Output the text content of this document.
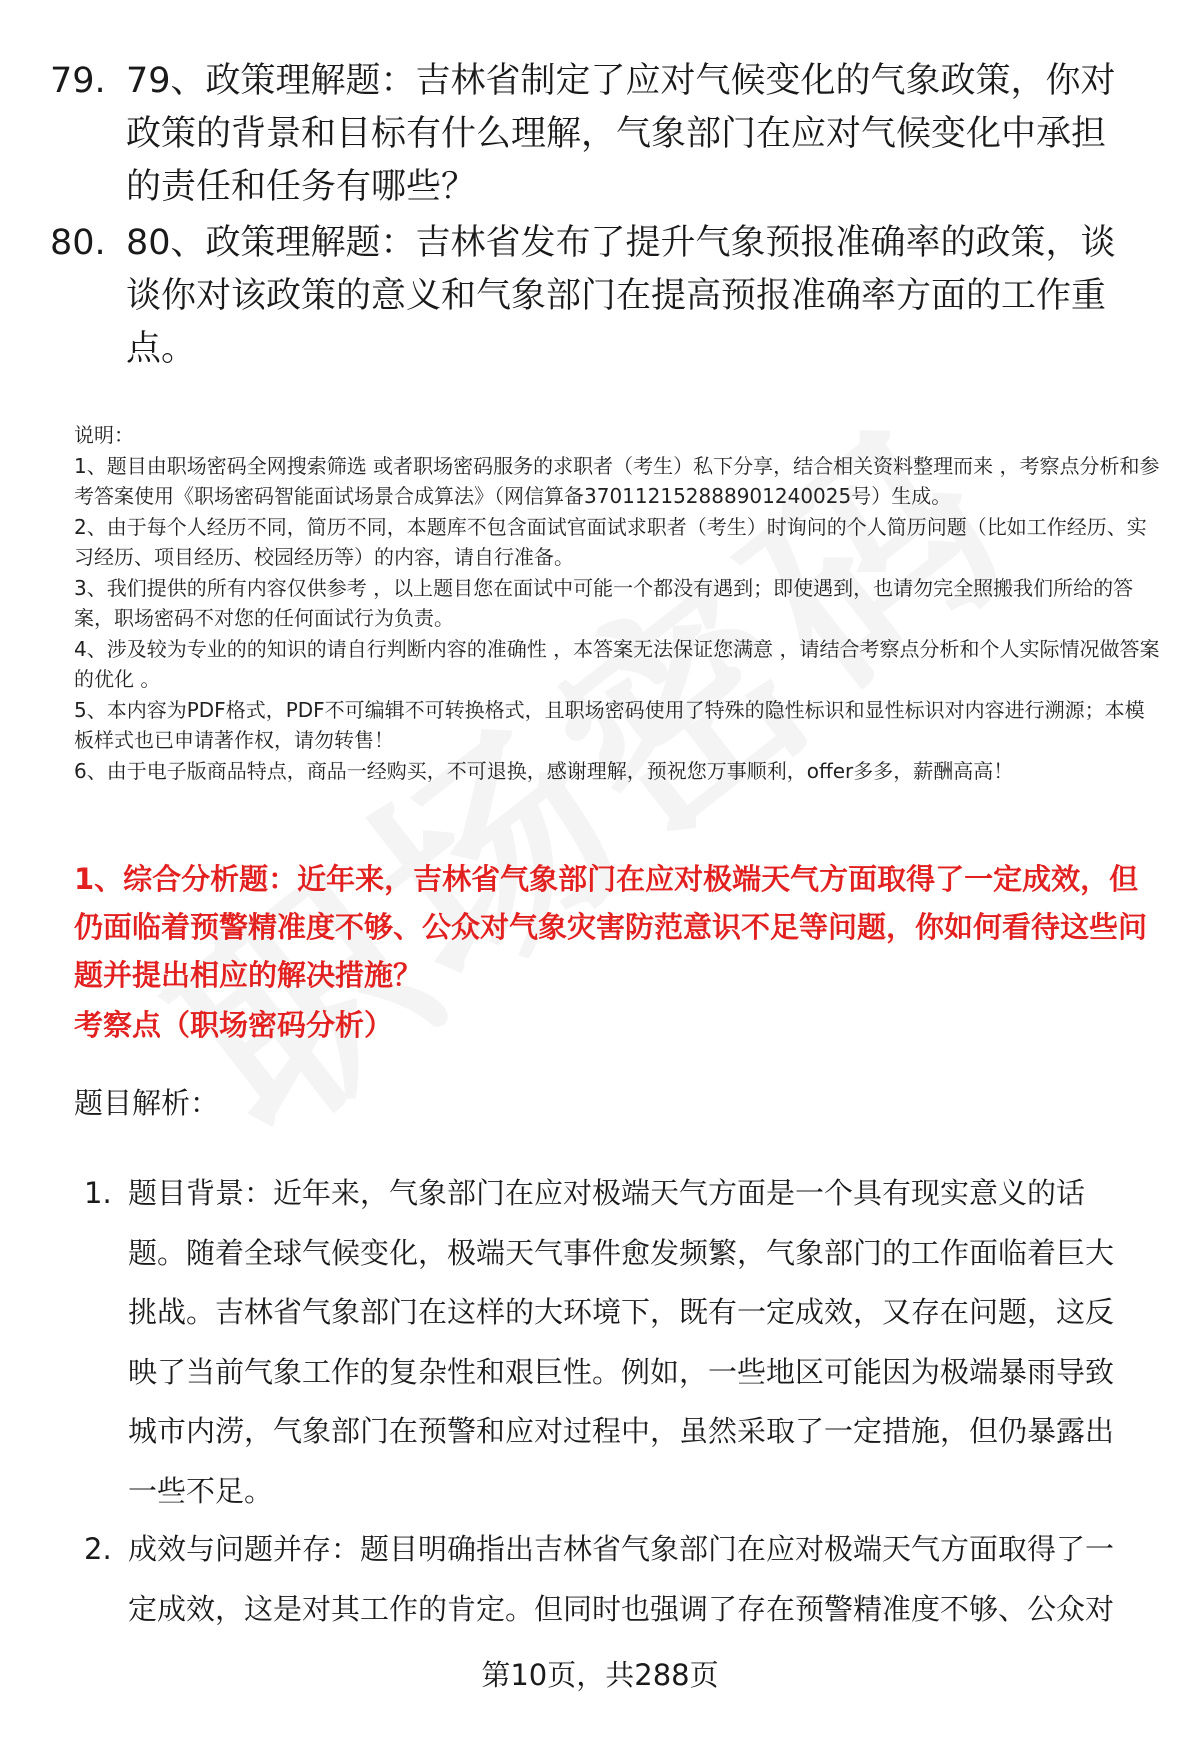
79. 79、政策理解题：吉林省制定了应对气候变化的气象政策，你对政策的背景和目标有什么理解，气象部门在应对气候变化中承担的责任和任务有哪些？
80. 80、政策理解题：吉林省发布了提升气象预报准确率的政策，谈谈你对该政策的意义和气象部门在提高预报准确率方面的工作重点。
说明：
1、题目由职场密码全网搜索筛选 或者职场密码服务的求职者（考生）私下分享，结合相关资料整理而来 ，考察点分析和参考答案使用《职场密码智能面试场景合成算法》（网信算备370112152888901240025号）生成。
2、由于每个人经历不同，简历不同，本题库不包含面试官面试求职者（考生）时询问的个人简历问题（比如工作经历、实习经历、项目经历、校园经历等）的内容，请自行准备。
3、我们提供的所有内容仅供参考 ，以上题目您在面试中可能一个都没有遇到；即使遇到，也请勿完全照搬我们所给的答案，职场密码不对您的任何面试行为负责。
4、涉及较为专业的的知识的请自行判断内容的准确性 ，本答案无法保证您满意 ，请结合考察点分析和个人实际情况做答案的优化 。
5、本内容为PDF格式，PDF不可编辑不可转换格式，且职场密码使用了特殊的隐性标识和显性标识对内容进行溯源；本模板样式也已申请著作权，请勿转售！
6、由于电子版商品特点，商品一经购买，不可退换，感谢理解，预祝您万事顺利，offer多多，薪酬高高！
1、综合分析题：近年来，吉林省气象部门在应对极端天气方面取得了一定成效，但仍面临着预警精准度不够、公众对气象灾害防范意识不足等问题，你如何看待这些问题并提出相应的解决措施？
考察点（职场密码分析）
题目解析：
1. 题目背景：近年来，气象部门在应对极端天气方面是一个具有现实意义的话题。随着全球气候变化，极端天气事件愈发频繁，气象部门的工作面临着巨大挑战。吉林省气象部门在这样的大环境下，既有一定成效，又存在问题，这反映了当前气象工作的复杂性和艰巨性。例如，一些地区可能因为极端暴雨导致城市内涝，气象部门在预警和应对过程中，虽然采取了一定措施，但仍暴露出一些不足。
2. 成效与问题并存：题目明确指出吉林省气象部门在应对极端天气方面取得了一定成效，这是对其工作的肯定。但同时也强调了存在预警精准度不够、公众对
第10页，共288页
